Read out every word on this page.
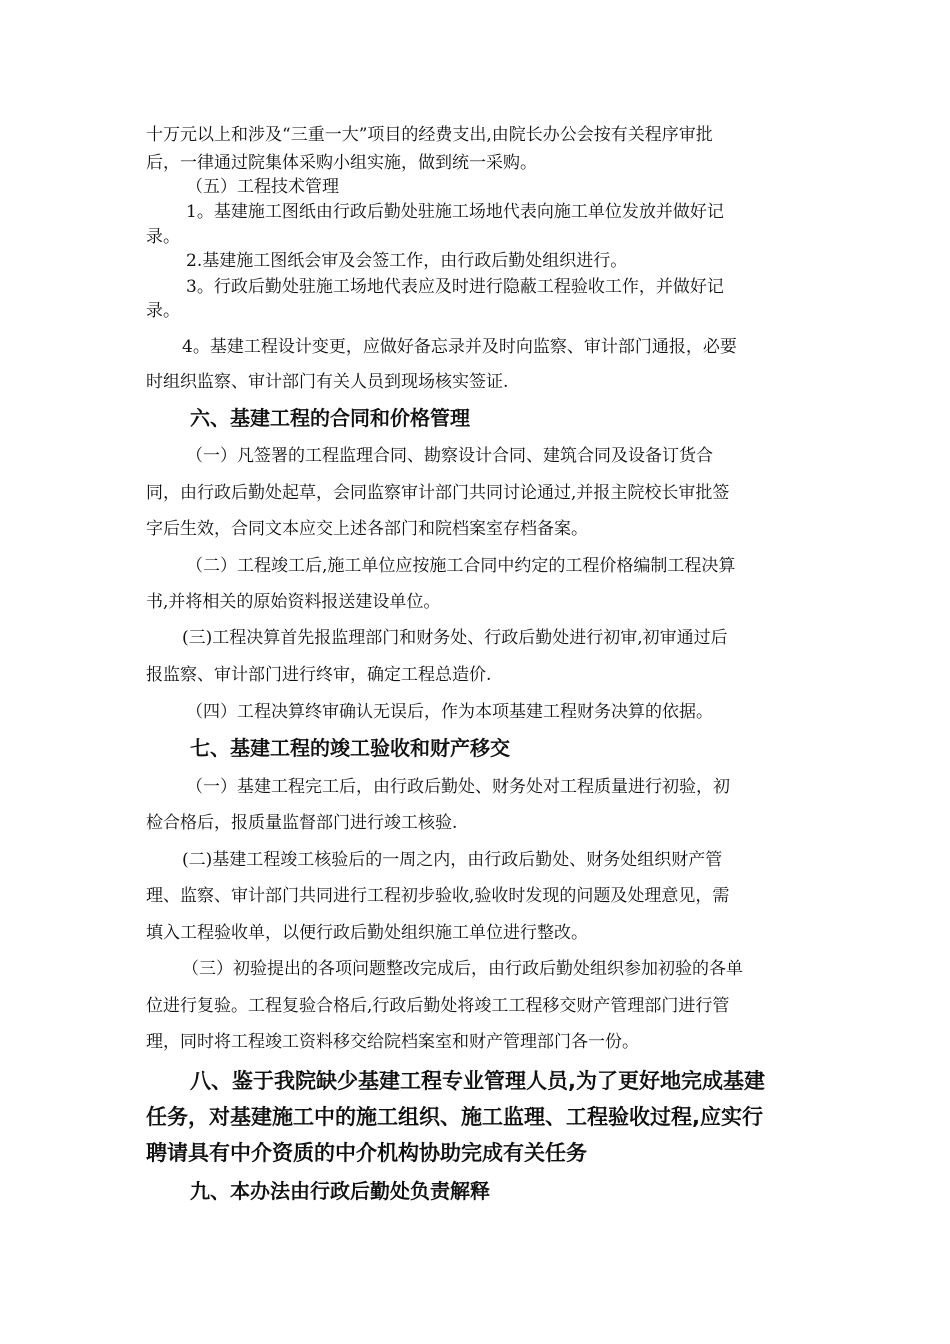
十万元以上和涉及“三重一大”项目的经费支出,由院长办公会按有关程序审批
后，一律通过院集体采购小组实施，做到统一采购。
（五）工程技术管理
1。基建施工图纸由行政后勤处驻施工场地代表向施工单位发放并做好记
录。
2.基建施工图纸会审及会签工作，由行政后勤处组织进行。
3。行政后勤处驻施工场地代表应及时进行隐蔽工程验收工作，并做好记
录。
4。基建工程设计变更，应做好备忘录并及时向监察、审计部门通报，必要
时组织监察、审计部门有关人员到现场核实签证.
六、基建工程的合同和价格管理
（一）凡签署的工程监理合同、勘察设计合同、建筑合同及设备订货合
同，由行政后勤处起草，会同监察审计部门共同讨论通过,并报主院校长审批签
字后生效，合同文本应交上述各部门和院档案室存档备案。
（二）工程竣工后,施工单位应按施工合同中约定的工程价格编制工程决算
书,并将相关的原始资料报送建设单位。
(三)工程决算首先报监理部门和财务处、行政后勤处进行初审,初审通过后
报监察、审计部门进行终审，确定工程总造价.
（四）工程决算终审确认无误后，作为本项基建工程财务决算的依据。
七、基建工程的竣工验收和财产移交
（一）基建工程完工后，由行政后勤处、财务处对工程质量进行初验，初
检合格后，报质量监督部门进行竣工核验.
(二)基建工程竣工核验后的一周之内，由行政后勤处、财务处组织财产管
理、监察、审计部门共同进行工程初步验收,验收时发现的问题及处理意见，需
填入工程验收单，以便行政后勤处组织施工单位进行整改。
（三）初验提出的各项问题整改完成后，由行政后勤处组织参加初验的各单
位进行复验。工程复验合格后,行政后勤处将竣工工程移交财产管理部门进行管
理，同时将工程竣工资料移交给院档案室和财产管理部门各一份。
八、鉴于我院缺少基建工程专业管理人员,为了更好地完成基建
任务，对基建施工中的施工组织、施工监理、工程验收过程,应实行
聘请具有中介资质的中介机构协助完成有关任务
九、本办法由行政后勤处负责解释
